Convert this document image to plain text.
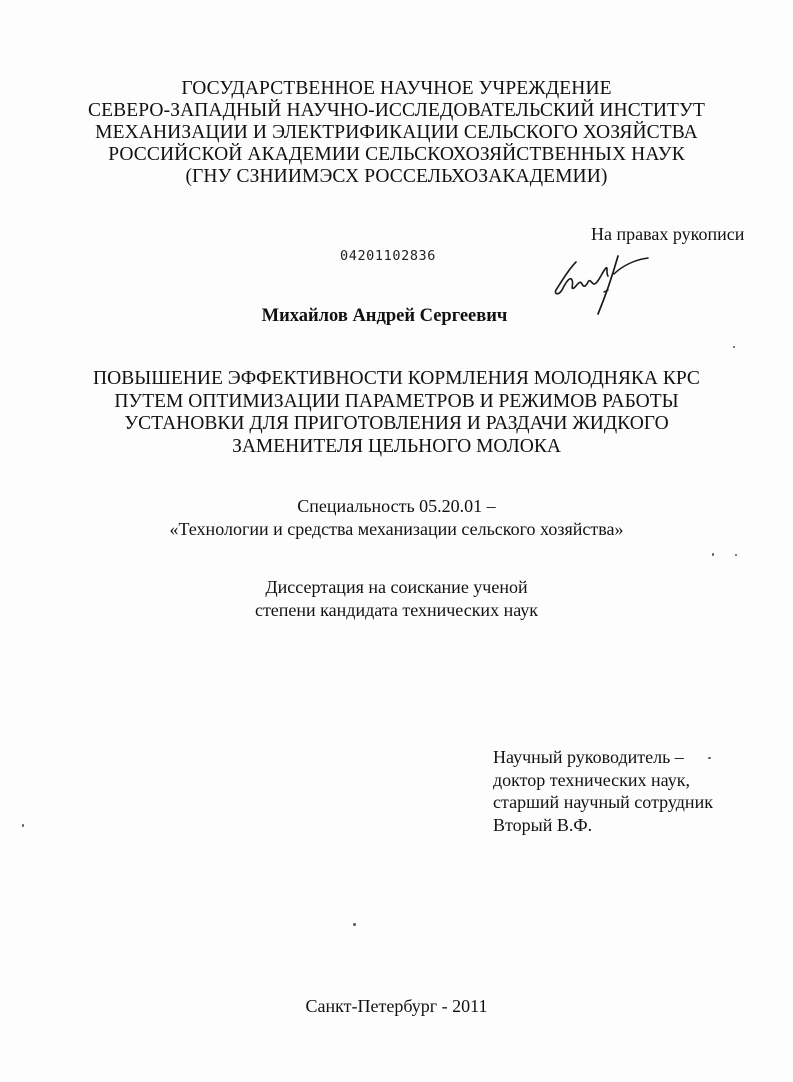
ГОСУДАРСТВЕННОЕ НАУЧНОЕ УЧРЕЖДЕНИЕ
СЕВЕРО-ЗАПАДНЫЙ НАУЧНО-ИССЛЕДОВАТЕЛЬСКИЙ ИНСТИТУТ
МЕХАНИЗАЦИИ И ЭЛЕКТРИФИКАЦИИ СЕЛЬСКОГО ХОЗЯЙСТВА
РОССИЙСКОЙ АКАДЕМИИ СЕЛЬСКОХОЗЯЙСТВЕННЫХ НАУК
(ГНУ СЗНИИМЭСХ РОССЕЛЬХОЗАКАДЕМИИ)
На правах рукописи
04201102836
Михайлов Андрей Сергеевич
ПОВЫШЕНИЕ ЭФФЕКТИВНОСТИ КОРМЛЕНИЯ МОЛОДНЯКА КРС
ПУТЕМ ОПТИМИЗАЦИИ ПАРАМЕТРОВ И РЕЖИМОВ РАБОТЫ
УСТАНОВКИ ДЛЯ ПРИГОТОВЛЕНИЯ И РАЗДАЧИ ЖИДКОГО
ЗАМЕНИТЕЛЯ ЦЕЛЬНОГО МОЛОКА
Специальность 05.20.01 –
«Технологии и средства механизации сельского хозяйства»
Диссертация на соискание ученой
степени кандидата технических наук
Научный руководитель –
доктор технических наук,
старший научный сотрудник
Вторый В.Ф.
Санкт-Петербург - 2011
